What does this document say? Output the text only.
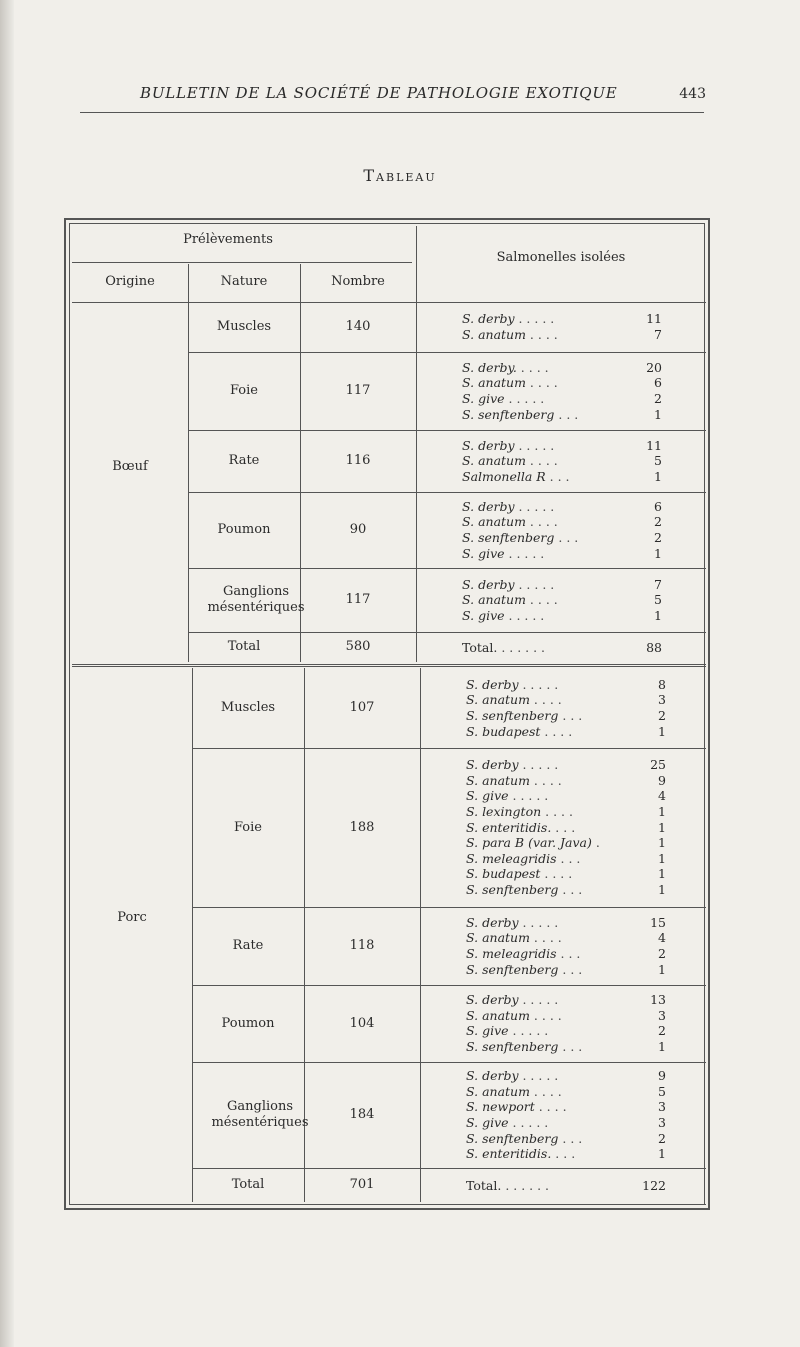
BULLETIN DE LA SOCIÉTÉ DE PATHOLOGIE EXOTIQUE	443
Tableau
Prélèvements
Origine	Nature	Nombre
Salmonelles isolées
Bœuf
Muscles	140
S. derby . . . . .	11
S. anatum . . . .	7
Foie	117
S. derby. . . . .	20
S. anatum . . . .	6
S. give . . . . .	2
S. senftenberg . . .	1
Rate	116
S. derby . . . . .	11
S. anatum . . . .	5
Salmonella R . . .	1
Poumon	90
S. derby . . . . .	6
S. anatum . . . .	2
S. senftenberg . . .	2
S. give . . . . .	1
Ganglions mésentériques
117
S. derby . . . . .	7
S. anatum . . . .	5
S. give . . . . .	1
Total	580	Total. . . . . . .	88
Porc
Muscles	107
S. derby . . . . .	8
S. anatum . . . .	3
S. senftenberg . . .	2
S. budapest . . . .	1
Foie	188
S. derby . . . . .	25
S. anatum . . . .	9
S. give . . . . .	4
S. lexington . . . .	1
S. enteritidis. . . .	1
S. para B (var. Java) .	1
S. meleagridis . . .	1
S. budapest . . . .	1
S. senftenberg . . .	1
Rate	118
S. derby . . . . .	15
S. anatum . . . .	4
S. meleagridis . . .	2
S. senftenberg . . .	1
Poumon	104
S. derby . . . . .	13
S. anatum . . . .	3
S. give . . . . .	2
S. senftenberg . . .	1
Ganglions mésentériques
184
S. derby . . . . .	9
S. anatum . . . .	5
S. newport . . . .	3
S. give . . . . .	3
S. senftenberg . . .	2
S. enteritidis. . . .	1
Total	701	Total. . . . . . .	122
